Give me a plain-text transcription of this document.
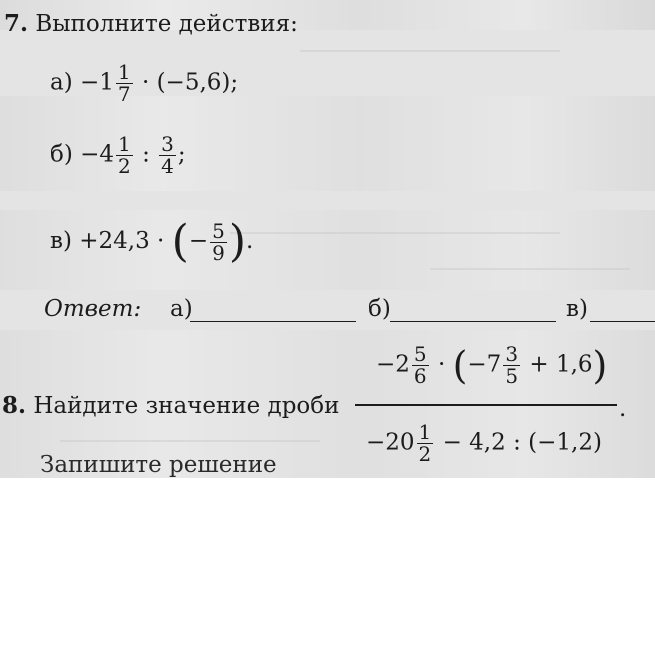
7. Выполните действия:
$а) -1 \frac{1}{7} \cdot (-5,6)$;
$б) -4 \frac{1}{2}$ : $\frac{3}{4}$ ;
в) +24,3 · (− $\frac{5}{9}$ ).
Ответ: а)	б)	в)
8. Найдите значение дроби
$-2 \frac{5}{6} \cdot (-7 \frac{3}{5} + 1,6)$
.
$-20 \frac{1}{2} - 4,2$ : (−1,2)
Запишите решение
